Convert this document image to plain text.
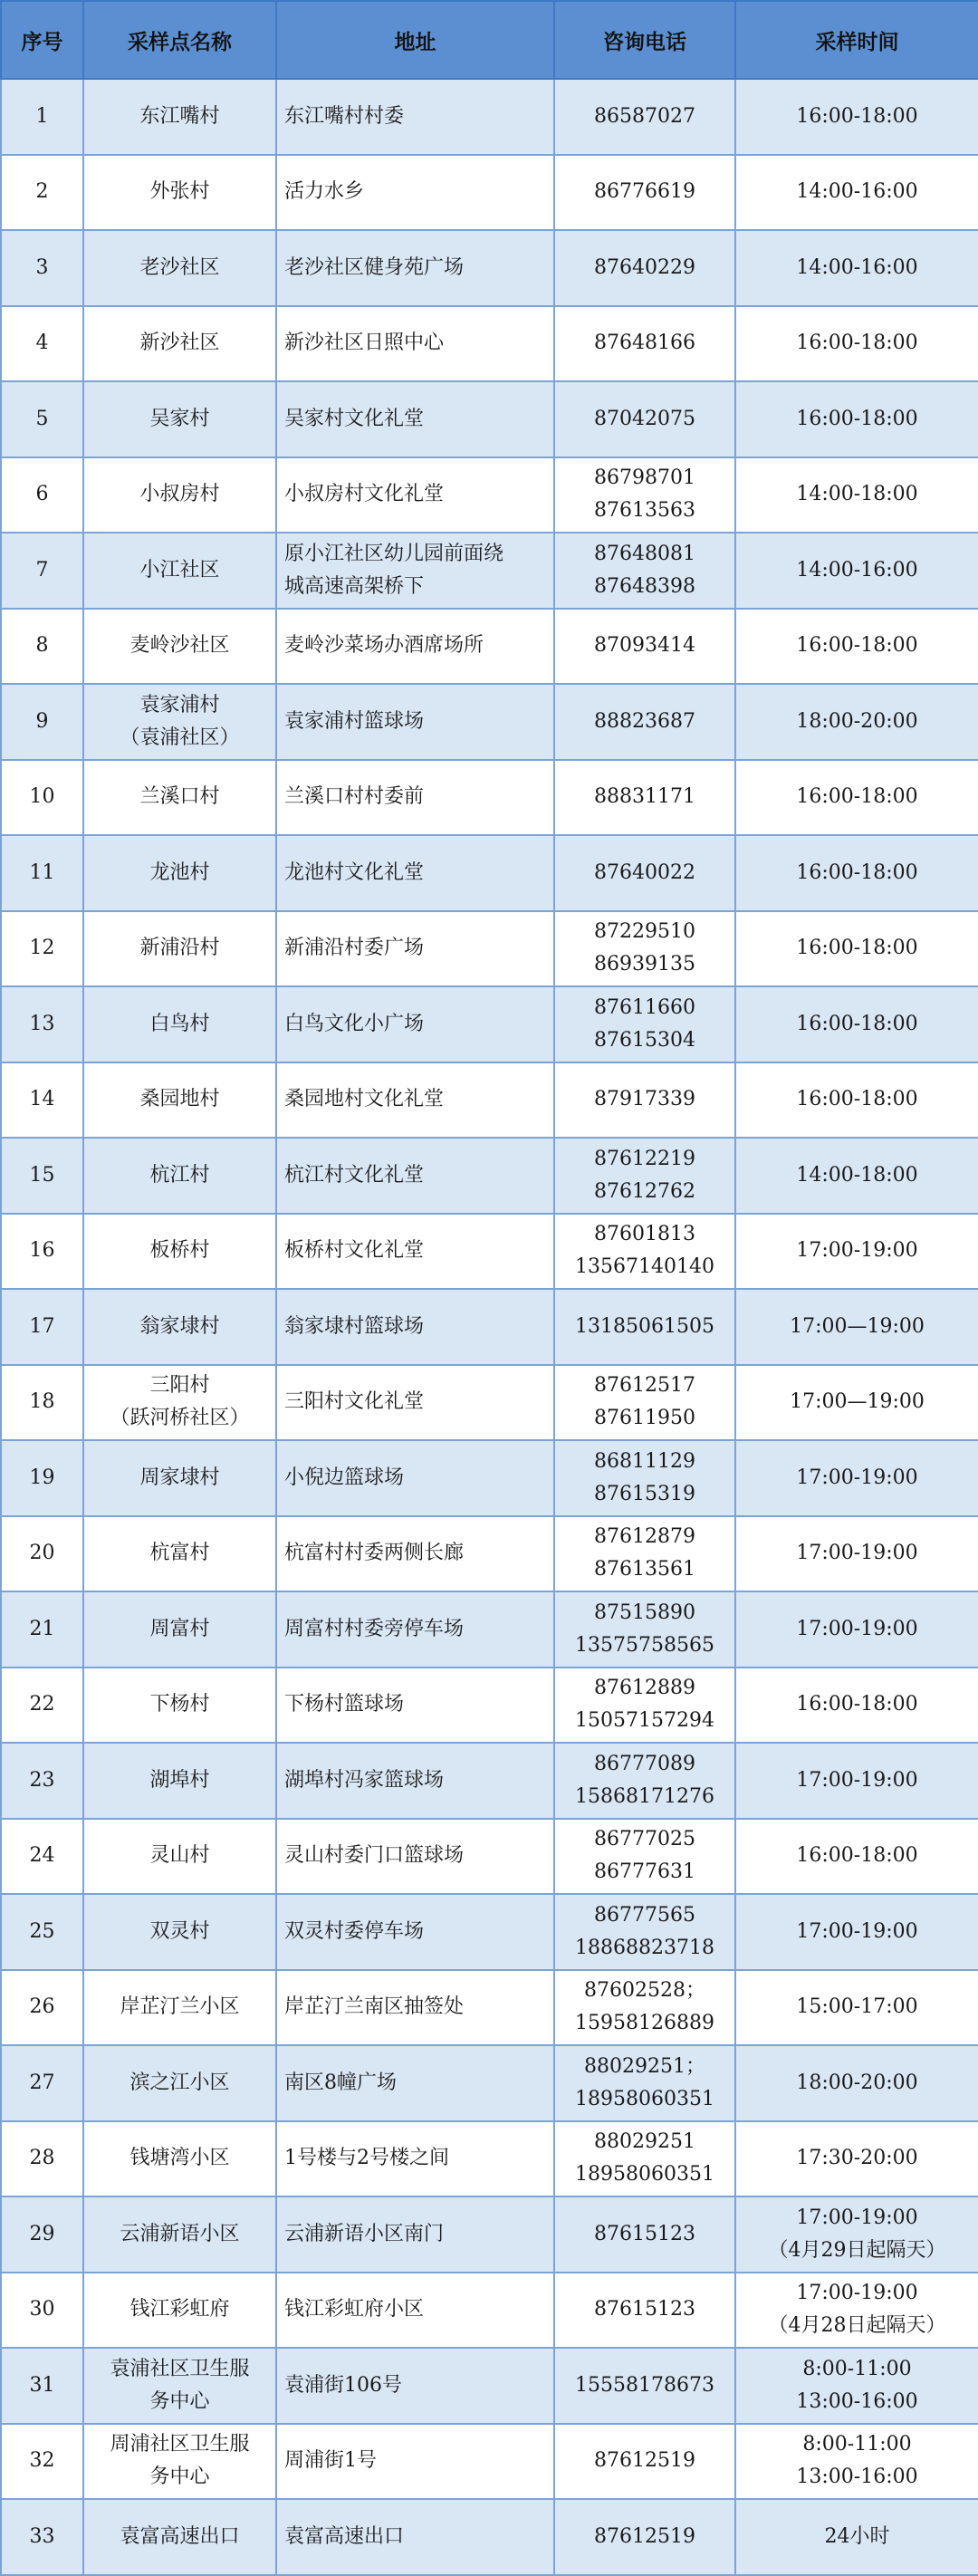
序号	采样点名称	地址	咨询电话	采样时间
1	东江嘴村	东江嘴村村委	86587027	16:00-18:00

2	外张村	活力水乡	86776619	14:00-16:00

3	老沙社区	老沙社区健身苑广场	87640229	14:00-16:00

4	新沙社区	新沙社区日照中心	87648166	16:00-18:00

5	吴家村	吴家村文化礼堂	87042075	16:00-18:00

6	小叔房村	小叔房村文化礼堂	86798701
87613563	14:00-18:00

7	小江社区	原小江社区幼儿园前面绕
城高速高架桥下	87648081
87648398	14:00-16:00

8	麦岭沙社区	麦岭沙菜场办酒席场所	87093414	16:00-18:00

9	袁家浦村
（袁浦社区）	袁家浦村篮球场	88823687	18:00-20:00

10	兰溪口村	兰溪口村村委前	88831171	16:00-18:00

11	龙池村	龙池村文化礼堂	87640022	16:00-18:00

12	新浦沿村	新浦沿村委广场	87229510
86939135	16:00-18:00

13	白鸟村	白鸟文化小广场	87611660
87615304	16:00-18:00

14	桑园地村	桑园地村文化礼堂	87917339	16:00-18:00

15	杭江村	杭江村文化礼堂	87612219
87612762	14:00-18:00

16	板桥村	板桥村文化礼堂	87601813
13567140140	17:00-19:00

17	翁家埭村	翁家埭村篮球场	13185061505	17:00—19:00

18	三阳村
（跃河桥社区）	三阳村文化礼堂	87612517
87611950	17:00—19:00

19	周家埭村	小倪边篮球场	86811129
87615319	17:00-19:00

20	杭富村	杭富村村委两侧长廊	87612879
87613561	17:00-19:00

21	周富村	周富村村委旁停车场	87515890
13575758565	17:00-19:00

22	下杨村	下杨村篮球场	87612889
15057157294	16:00-18:00

23	湖埠村	湖埠村冯家篮球场	86777089
15868171276	17:00-19:00

24	灵山村	灵山村委门口篮球场	86777025
86777631	16:00-18:00

25	双灵村	双灵村委停车场	86777565
18868823718	17:00-19:00

26	岸芷汀兰小区	岸芷汀兰南区抽签处	87602528；
15958126889	15:00-17:00

27	滨之江小区	南区8幢广场	88029251；
18958060351	18:00-20:00

28	钱塘湾小区	1号楼与2号楼之间	88029251
18958060351	17:30-20:00

29	云浦新语小区	云浦新语小区南门	87615123	17:00-19:00
（4月29日起隔天）

30	钱江彩虹府	钱江彩虹府小区	87615123	17:00-19:00
（4月28日起隔天）

31	袁浦社区卫生服
务中心	袁浦街106号	15558178673	8:00-11:00
13:00-16:00

32	周浦社区卫生服
务中心	周浦街1号	87612519	8:00-11:00
13:00-16:00

33	袁富高速出口	袁富高速出口	87612519	24小时
